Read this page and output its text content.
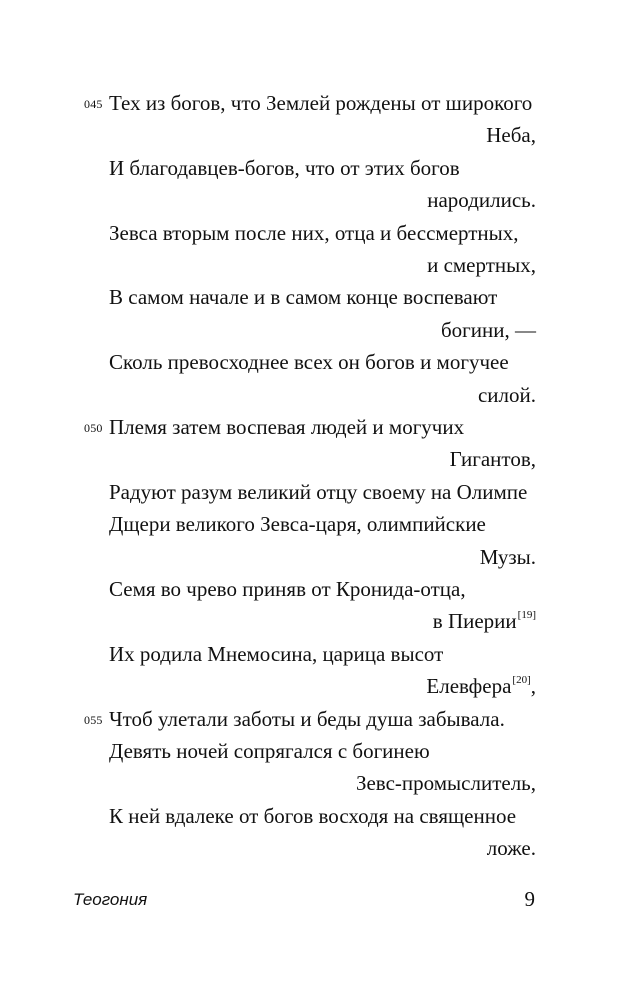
045 Тех из богов, что Землей рождены от широкого
Неба,
И благодавцев-богов, что от этих богов
народились.
Зевса вторым после них, отца и бессмертных,
и смертных,
В самом начале и в самом конце воспевают
богини, —
Сколь превосходнее всех он богов и могучее
силой.
050 Племя затем воспевая людей и могучих
Гигантов,
Радуют разум великий отцу своему на Олимпе
Дщери великого Зевса-царя, олимпийские
Музы.
Семя во чрево приняв от Кронида-отца,
в Пиерии[19]
Их родила Мнемосина, царица высот
Елевфера[20],
055 Чтоб улетали заботы и беды душа забывала.
Девять ночей сопрягался с богинею
Зевс-промыслитель,
К ней вдалеке от богов восходя на священное
ложе.
Теогония	9
